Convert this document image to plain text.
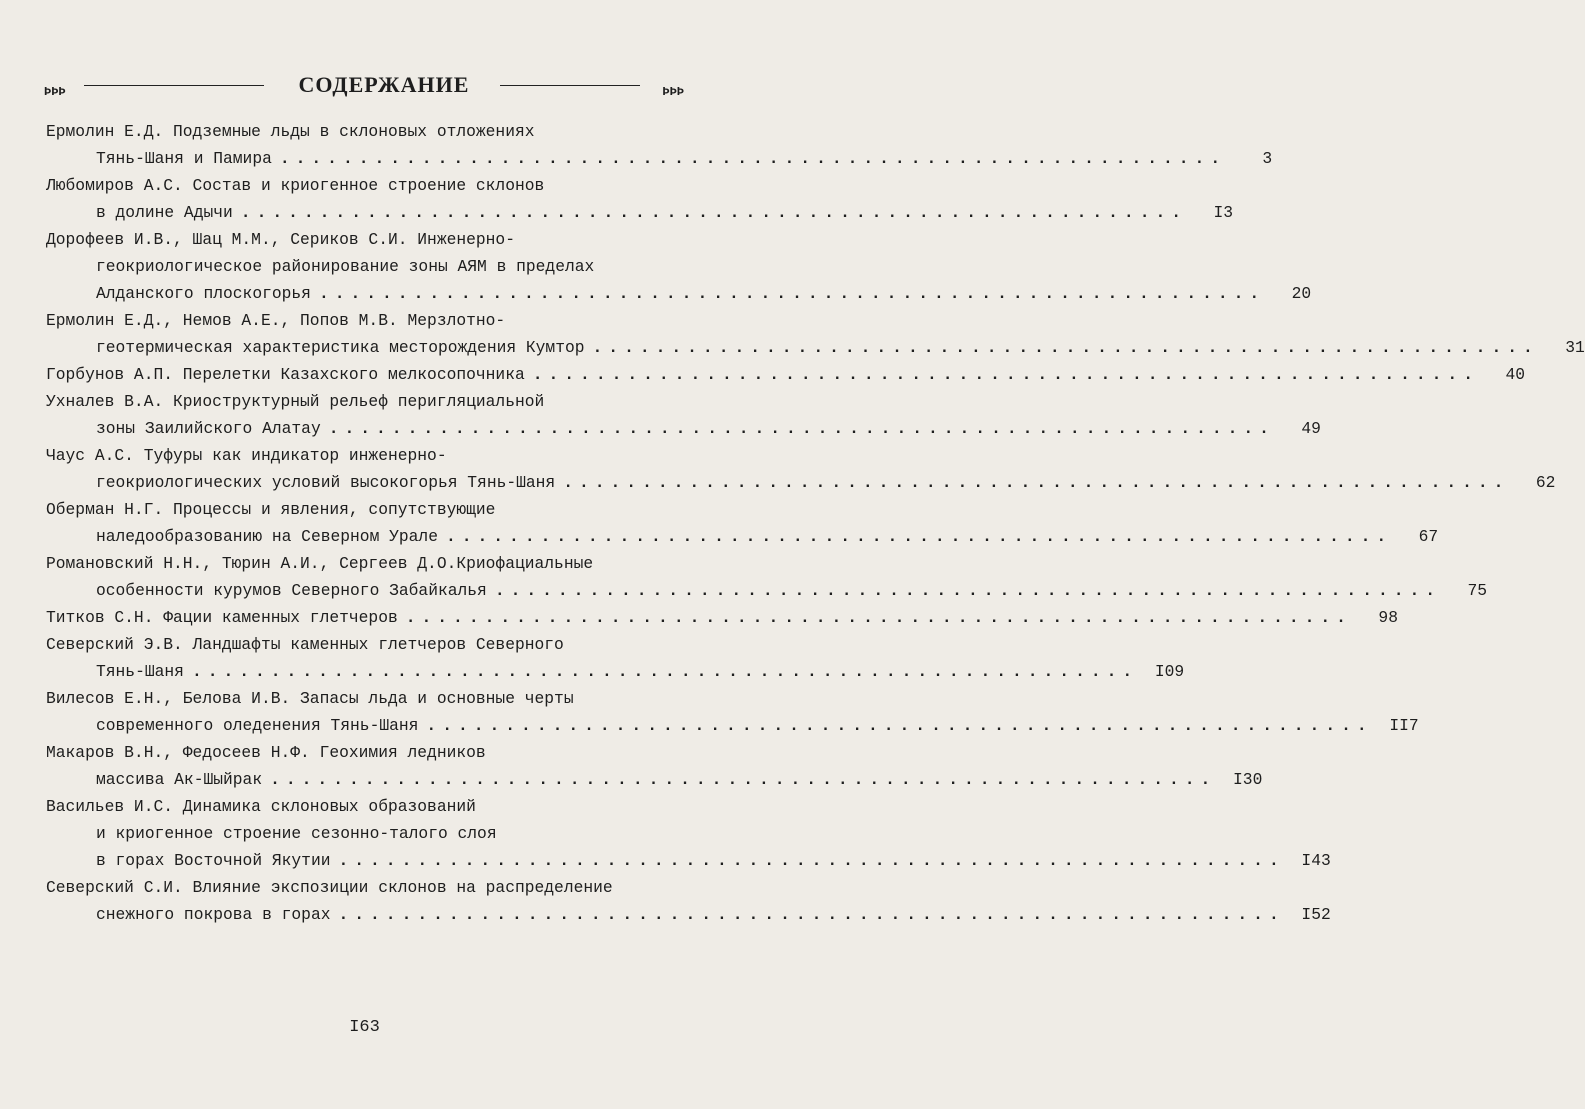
ÞÞÞ	СОДЕРЖАНИЕ	ÞÞÞ
Ермолин Е.Д. Подземные льды в склоновых отложениях
Тянь-Шаня и Памира ............................................................	3
Любомиров А.С. Состав и криогенное строение склонов
в долине Адычи ............................................................	I3
Дорофеев И.В., Шац М.М., Сериков С.И. Инженерно-
геокриологическое районирование зоны АЯМ в пределах
Алданского плоскогорья ............................................................	20
Ермолин Е.Д., Немов А.Е., Попов М.В. Мерзлотно-
геотермическая характеристика месторождения Кумтор ............................................................	31
Горбунов А.П. Перелетки Казахского мелкосопочника ............................................................	40
Ухналев В.А. Криоструктурный рельеф перигляциальной
зоны Заилийского Алатау ............................................................	49
Чаус А.С. Туфуры как индикатор инженерно-
геокриологических условий высокогорья Тянь-Шаня ............................................................	62
Оберман Н.Г. Процессы и явления, сопутствующие
наледообразованию на Северном Урале ............................................................	67
Романовский Н.Н., Тюрин А.И., Сергеев Д.О.Криофациальные
особенности курумов Северного Забайкалья ............................................................	75
Титков С.Н. Фации каменных глетчеров ............................................................	98
Северский Э.В. Ландшафты каменных глетчеров Северного
Тянь-Шаня ............................................................	I09
Вилесов Е.Н., Белова И.В. Запасы льда и основные черты
современного оледенения Тянь-Шаня ............................................................	II7
Макаров В.Н., Федосеев Н.Ф. Геохимия ледников
массива Ак-Шыйрак ............................................................	I30
Васильев И.С. Динамика склоновых образований
и криогенное строение сезонно-талого слоя
в горах Восточной Якутии ............................................................	I43
Северский С.И. Влияние экспозиции склонов на распределение
снежного покрова в горах ............................................................	I52
I63
